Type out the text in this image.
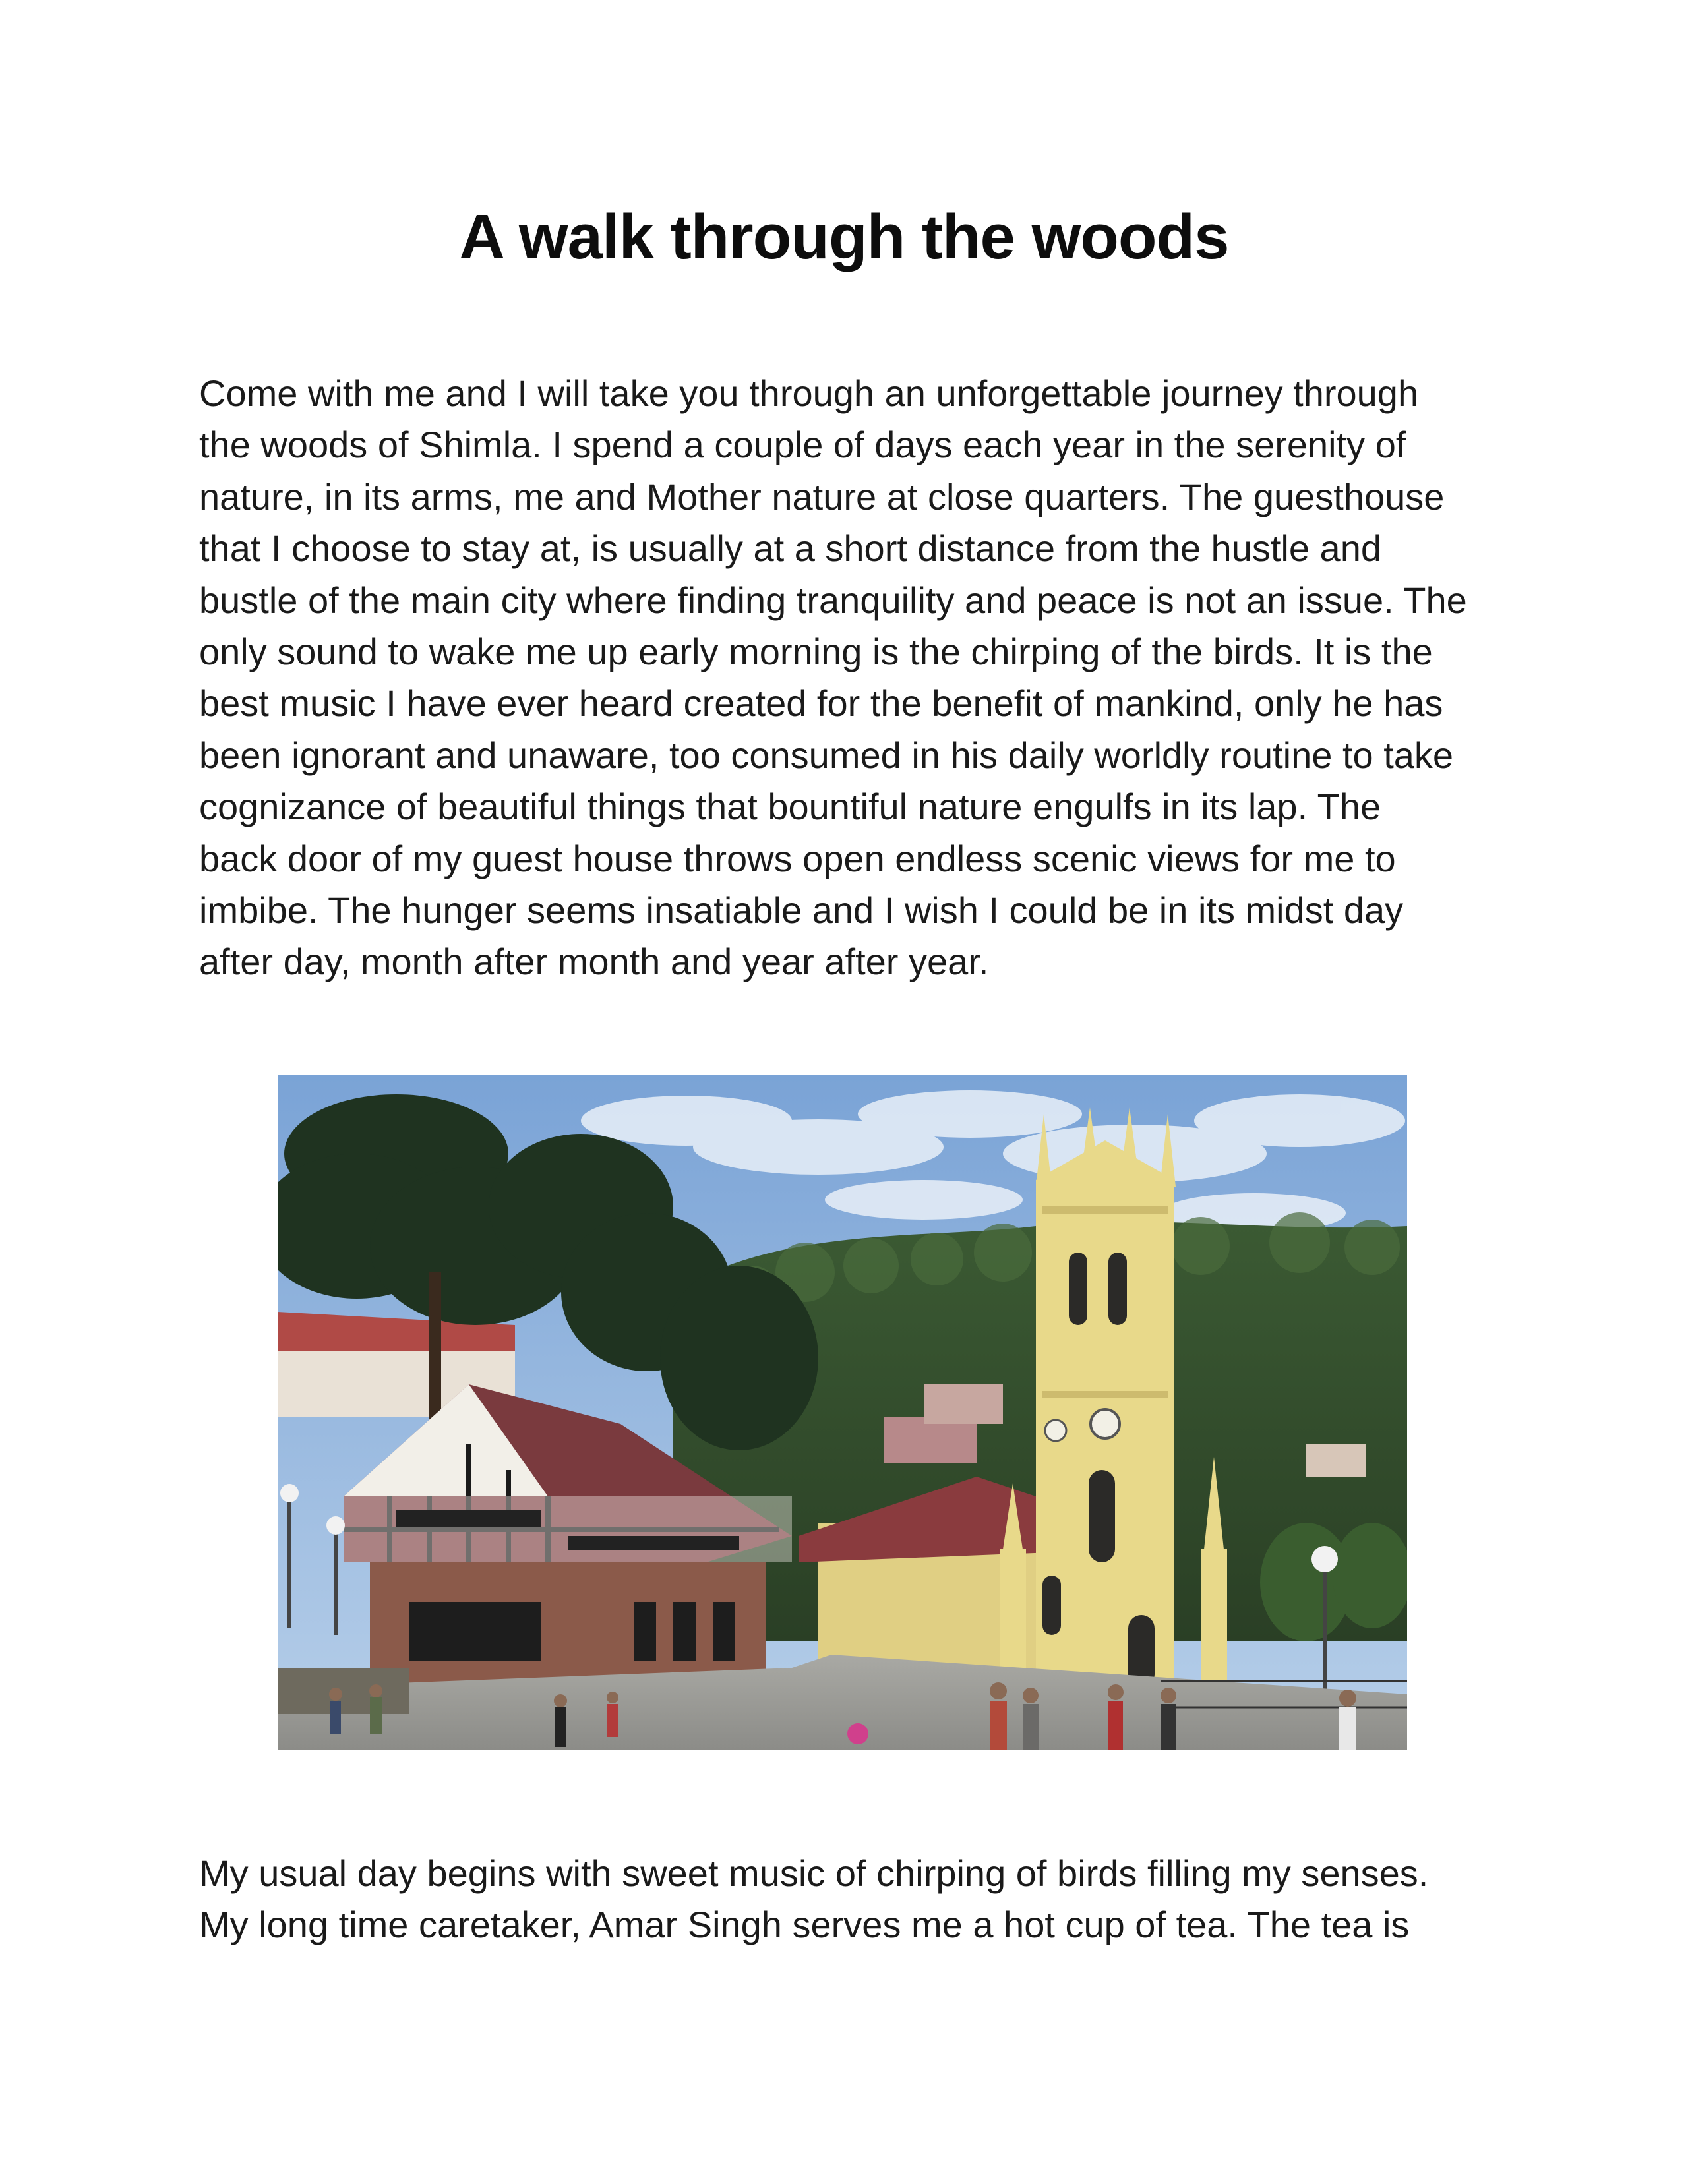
A walk through the woods

Come with me and I will take you through an unforgettable journey through
the woods of Shimla. I spend a couple of days each year in the serenity of
nature, in its arms, me and Mother nature at close quarters. The guesthouse
that I choose to stay at, is usually at a short distance from the hustle and
bustle of the main city where finding tranquility and peace is not an issue. The
only sound to wake me up early morning is the chirping of the birds. It is the
best music I have ever heard created for the benefit of mankind, only he has
been ignorant and unaware, too consumed in his daily worldly routine to take
cognizance of beautiful things that bountiful nature engulfs in its lap. The
back door of my guest house throws open endless scenic views for me to
imbibe. The hunger seems insatiable and I wish I could be in its midst day
after day, month after month and year after year.

My usual day begins with sweet music of chirping of birds filling my senses.
My long time caretaker, Amar Singh serves me a hot cup of tea. The tea is
